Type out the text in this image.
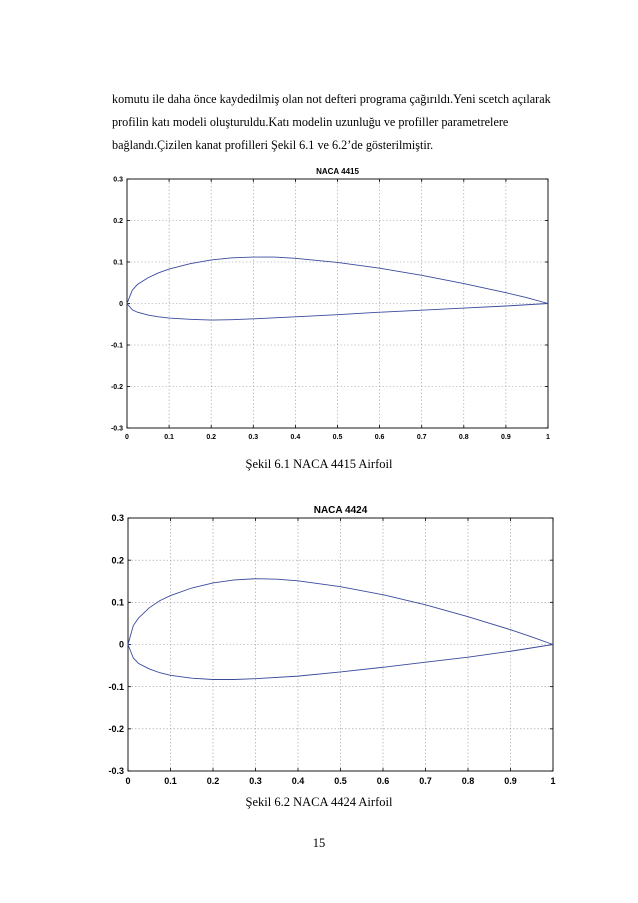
komutu ile daha önce kaydedilmiş olan not defteri programa çağırıldı.Yeni scetch açılarak

profilin katı modeli oluşturuldu.Katı modelin uzunluğu ve profiller parametrelere

bağlandı.Çizilen kanat profilleri Şekil 6.1 ve 6.2’de gösterilmiştir.

NACA 4415
0	0.1	0.2	0.3	0.4	0.5	0.6	0.7	0.8	0.9	1
0.3
0.2
0.1
0
-0.1
-0.2
-0.3
Şekil 6.1 NACA 4415 Airfoil
NACA 4424
0	0.1	0.2	0.3	0.4	0.5	0.6	0.7	0.8	0.9	1
0.3
0.2
0.1
0
-0.1
-0.2
-0.3
Şekil 6.2 NACA 4424 Airfoil
15
